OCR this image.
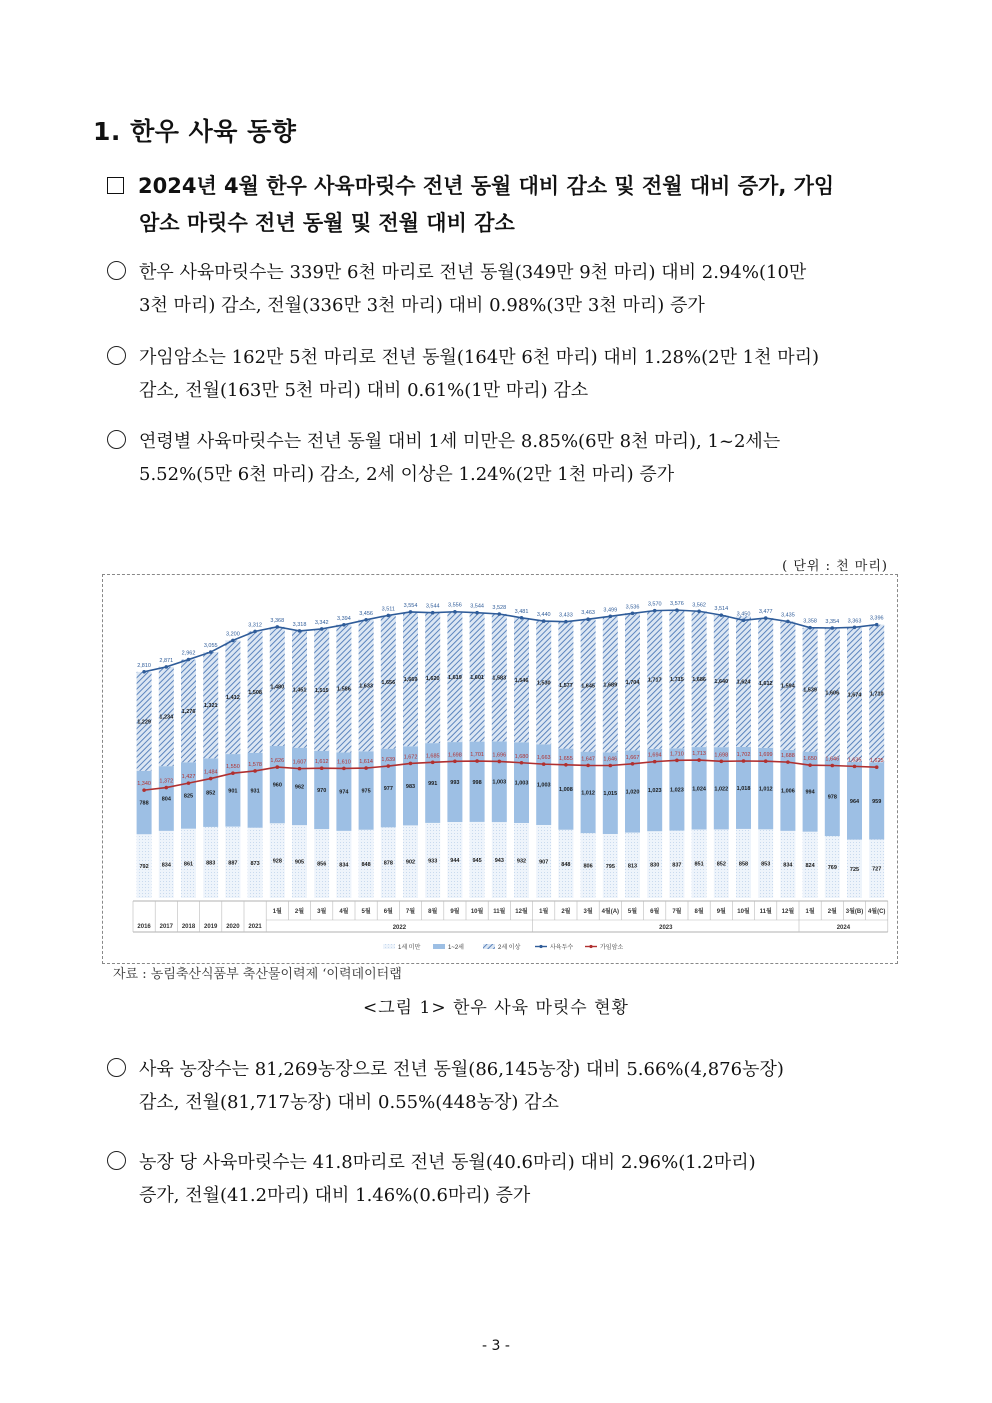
1. 한우 사육 동향
2024년 4월 한우 사육마릿수 전년 동월 대비 감소 및 전월 대비 증가, 가임
암소 마릿수 전년 동월 및 전월 대비 감소
한우 사육마릿수는 339만 6천 마리로 전년 동월(349만 9천 마리) 대비 2.94%(10만
3천 마리) 감소, 전월(336만 3천 마리) 대비 0.98%(3만 3천 마리) 증가
가임암소는 162만 5천 마리로 전년 동월(164만 6천 마리) 대비 1.28%(2만 1천 마리)
감소, 전월(163만 5천 마리) 대비 0.61%(1만 마리) 감소
연령별 사육마릿수는 전년 동월 대비 1세 미만은 8.85%(6만 8천 마리), 1~2세는
5.52%(5만 6천 마리) 감소, 2세 이상은 1.24%(2만 1천 마리) 증가
( 단위 : 천 마리)
792
788
1,229
834
804
1,234
861
825
1,276
883
852
1,321
887
901
1,412
873
931
1,508
928
960
1,480
905
962
1,451
856
970
1,515
834
974
1,586
848
975
1,633
878
977
1,656
902
983
1,669
933
991
1,620
944
993
1,619
945
998
1,601
943
1,003
1,583
932
1,003
1,546
907
1,003
1,530
848
1,008
1,577
806
1,012
1,645
795
1,015
1,689
813
1,020
1,704
830
1,023
1,717
837
1,023
1,715
851
1,024
1,686
852
1,022
1,640
858
1,018
1,624
853
1,012
1,612
834
1,006
1,594
824
994
1,539
769
978
1,606
725
964
1,674
727
959
1,710
2,810
2,871
2,962
3,055
3,200
3,312
3,368
3,318 3,342
3,394
3,456
3,511
3,554 3,544 3,556 3,544 3,528
3,481
3,440 3,433 3,463 3,499 3,536 3,570 3,576 3,562
3,514
3,450 3,477
3,435
3,358 3,354 3,363 3,396
1,340 1,372
1,427
1,484
1,550 1,578
1,626 1,607 1,612 1,610 1,614 1,639 1,672 1,685 1,698 1,701 1,696 1,680 1,663 1,655 1,647 1,646 1,667 1,694 1,710 1,713 1,698 1,702 1,699 1,688
1,650 1,646 1,635 1,625
2016 2017 2018 2019 2020 2021
1월 2월 3월 4월 5월 6월 7월 8월 9월 10월 11월 12월 1월 2월 3월 4월(A) 5월 6월 7월 8월 9월 10월 11월 12월 1월 2월 3월(B) 4월(C)
2022	2023	2024
1세 미만	1~2세	2세 이상	사육두수	가임암소
자료 : 농림축산식품부 축산물이력제 ‘이력데이터랩
<그림 1> 한우 사육 마릿수 현황
사육 농장수는 81,269농장으로 전년 동월(86,145농장) 대비 5.66%(4,876농장)
감소, 전월(81,717농장) 대비 0.55%(448농장) 감소
농장 당 사육마릿수는 41.8마리로 전년 동월(40.6마리) 대비 2.96%(1.2마리)
증가, 전월(41.2마리) 대비 1.46%(0.6마리) 증가
- 3 -
